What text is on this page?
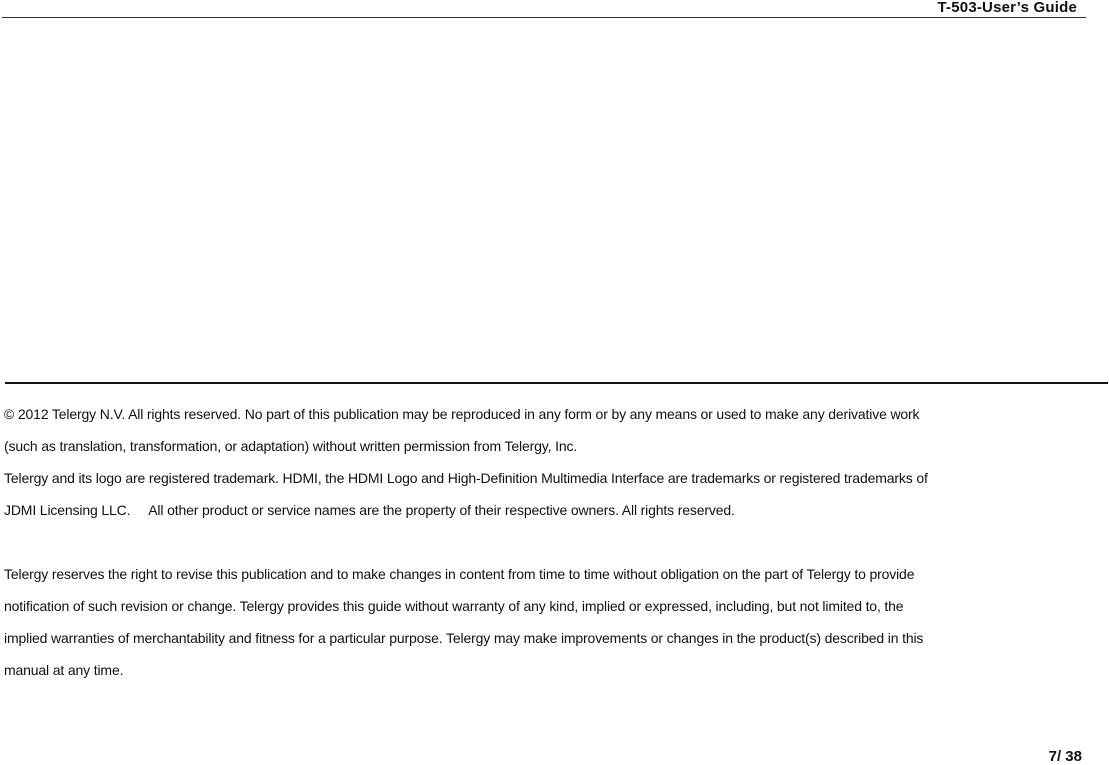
T-503-User’s Guide

© 2012 Telergy N.V. All rights reserved. No part of this publication may be reproduced in any form or by any means or used to make any derivative work

(such as translation, transformation, or adaptation) without written permission from Telergy, Inc.

Telergy and its logo are registered trademark. HDMI, the HDMI Logo and High-Definition Multimedia Interface are trademarks or registered trademarks of

JDMI Licensing LLC.     All other product or service names are the property of their respective owners. All rights reserved.

Telergy reserves the right to revise this publication and to make changes in content from time to time without obligation on the part of Telergy to provide

notification of such revision or change. Telergy provides this guide without warranty of any kind, implied or expressed, including, but not limited to, the

implied warranties of merchantability and fitness for a particular purpose. Telergy may make improvements or changes in the product(s) described in this

manual at any time.

7/ 38
